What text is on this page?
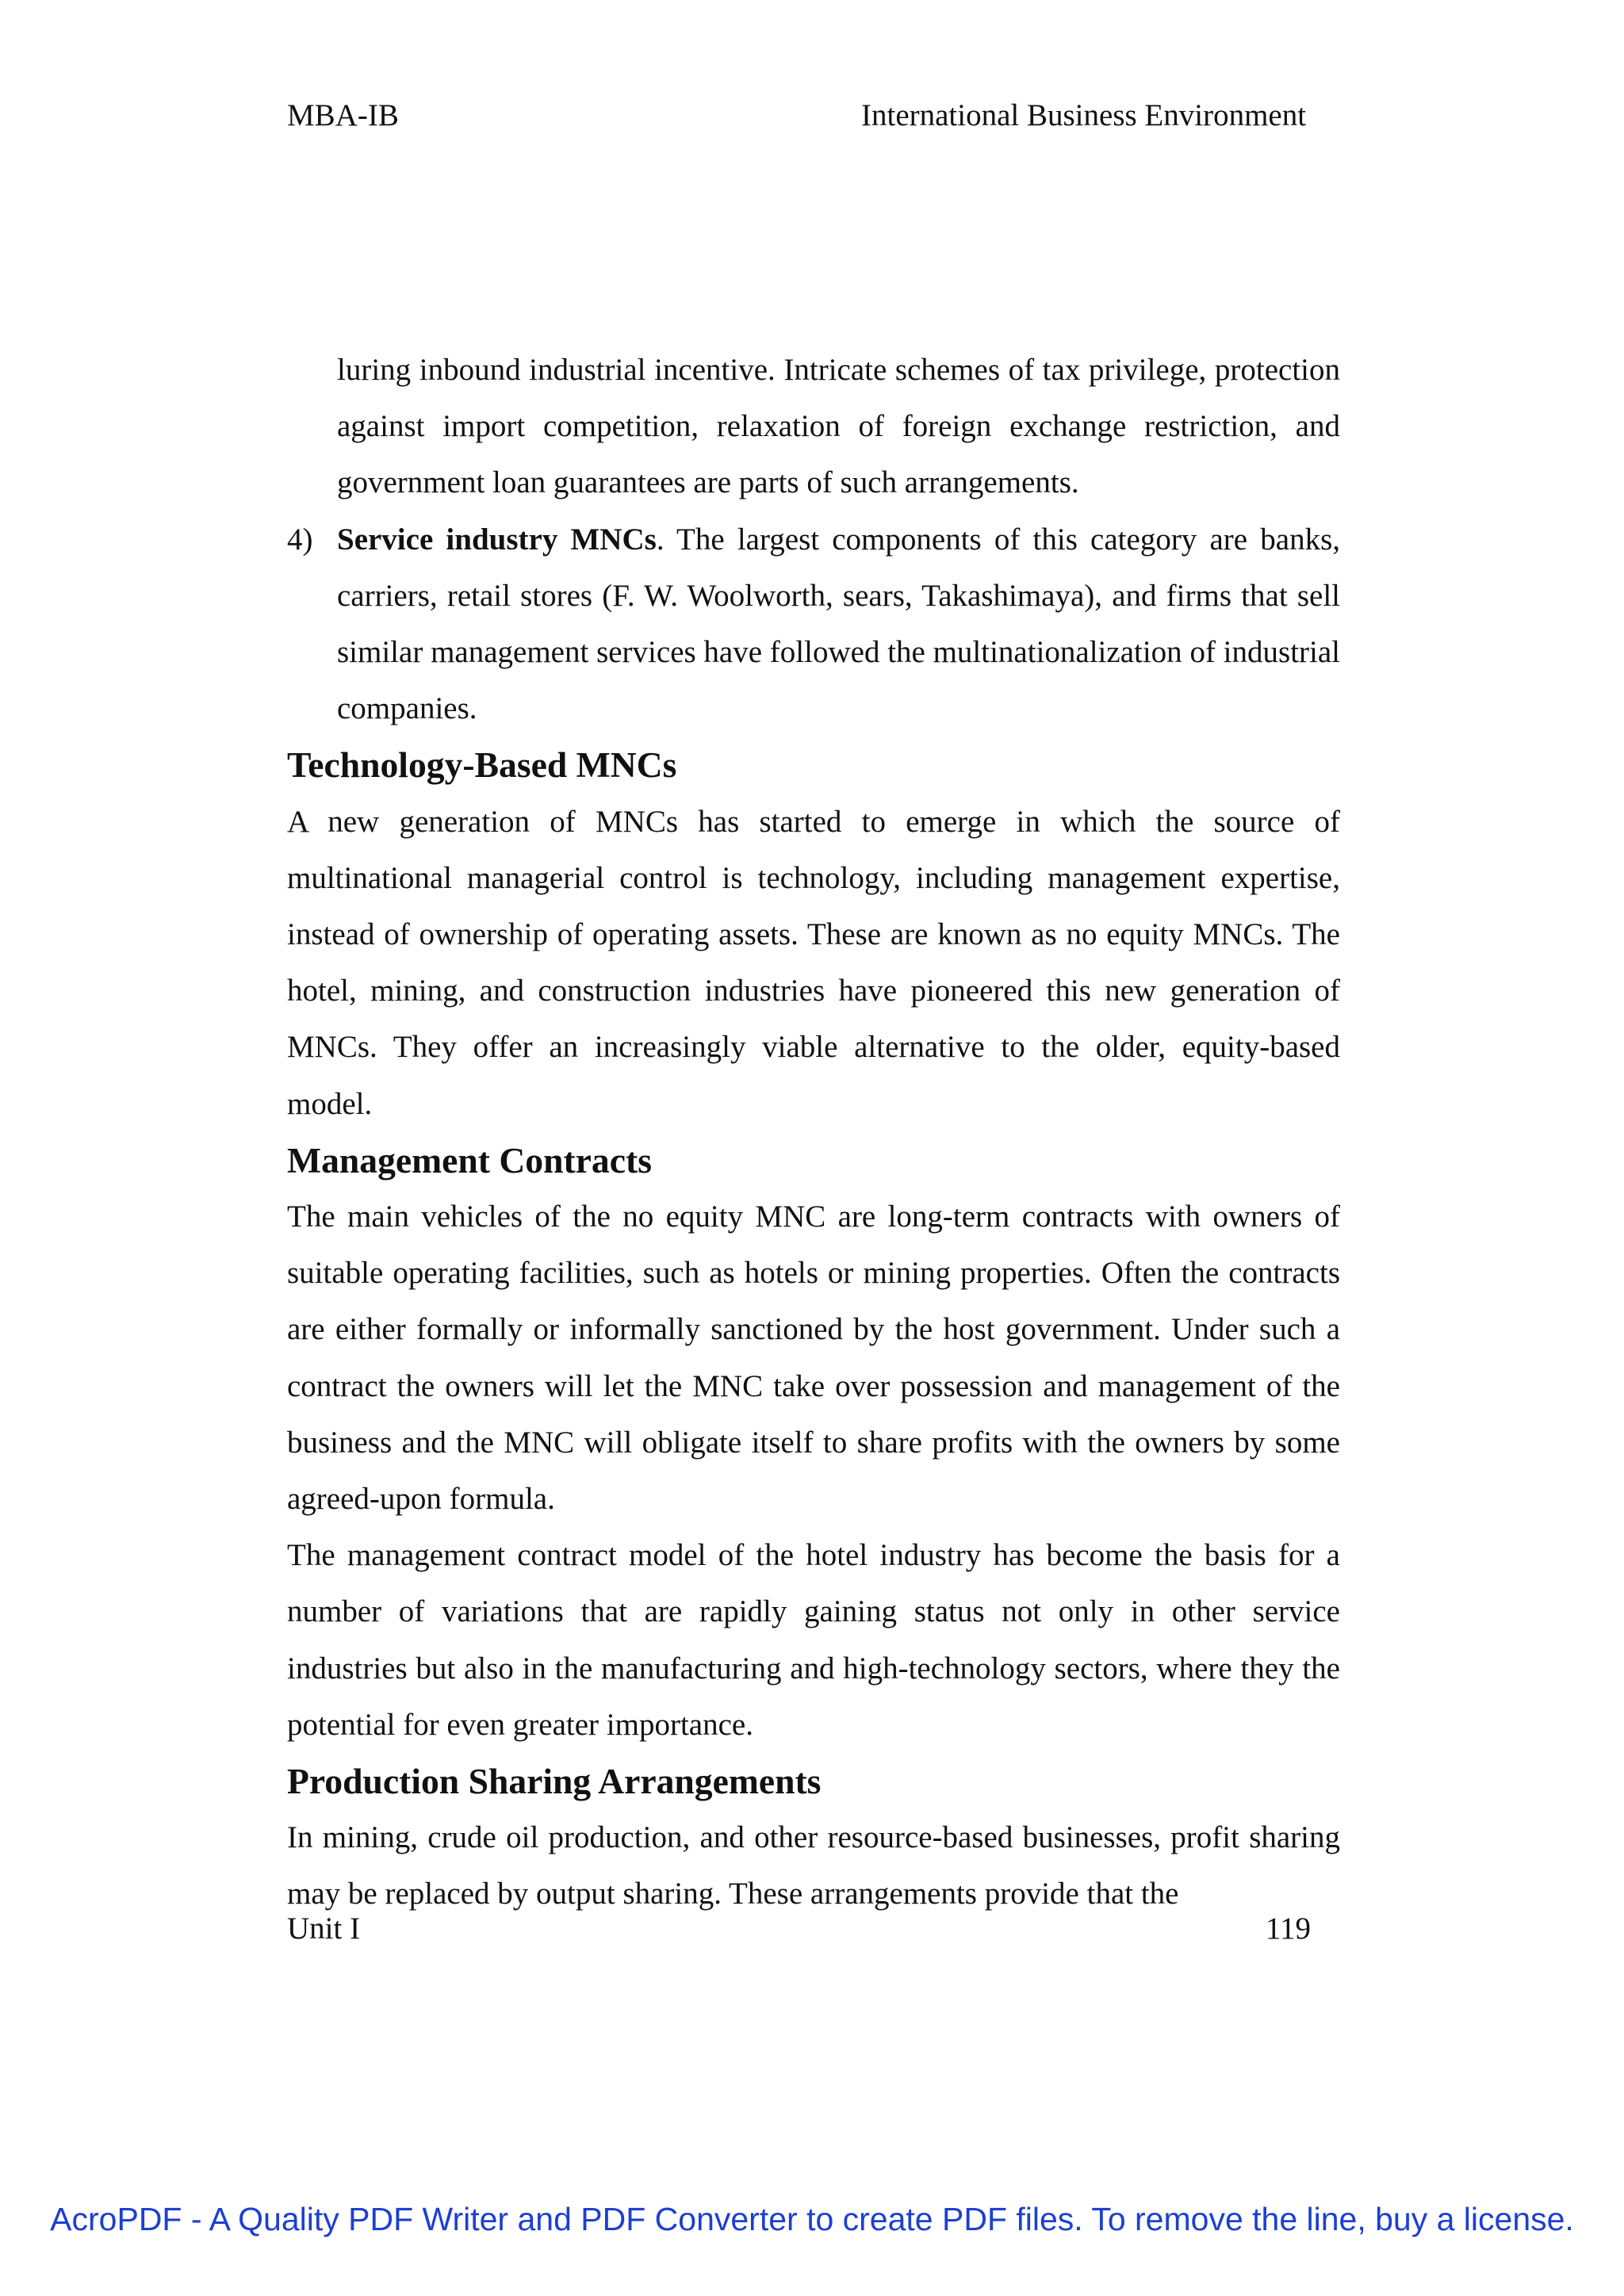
MBA-IB	International Business Environment

luring inbound industrial incentive. Intricate schemes of tax privilege, protection against import competition, relaxation of foreign exchange restriction, and government loan guarantees are parts of such arrangements.

4) Service industry MNCs. The largest components of this category are banks, carriers, retail stores (F. W. Woolworth, sears, Takashimaya), and firms that sell similar management services have followed the multinationalization of industrial companies.

Technology-Based MNCs

A new generation of MNCs has started to emerge in which the source of multinational managerial control is technology, including management expertise, instead of ownership of operating assets. These are known as no equity MNCs. The hotel, mining, and construction industries have pioneered this new generation of MNCs. They offer an increasingly viable alternative to the older, equity-based model.

Management Contracts

The main vehicles of the no equity MNC are long-term contracts with owners of suitable operating facilities, such as hotels or mining properties. Often the contracts are either formally or informally sanctioned by the host government. Under such a contract the owners will let the MNC take over possession and management of the business and the MNC will obligate itself to share profits with the owners by some agreed-upon formula.

The management contract model of the hotel industry has become the basis for a number of variations that are rapidly gaining status not only in other service industries but also in the manufacturing and high-technology sectors, where they the potential for even greater importance.

Production Sharing Arrangements

In mining, crude oil production, and other resource-based businesses, profit sharing may be replaced by output sharing. These arrangements provide that the

Unit I	119
AcroPDF - A Quality PDF Writer and PDF Converter to create PDF files. To remove the line, buy a license.
